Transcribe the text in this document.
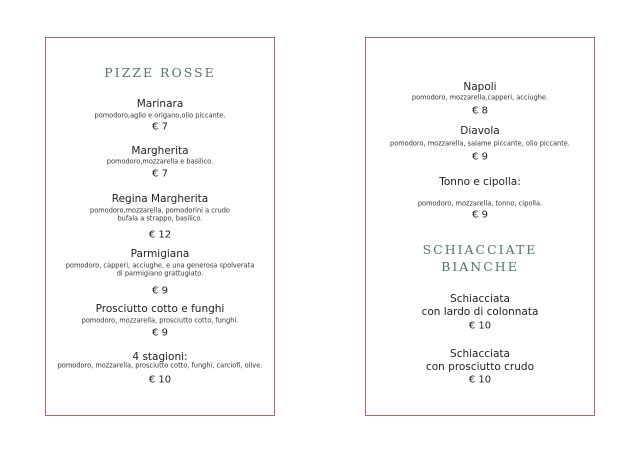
PIZZE ROSSE
Marinara
pomodoro,aglio e origano,olio piccante.
€ 7
Margherita
pomodoro,mozzarella e basilico.
€ 7
Regina Margherita
pomodoro,mozzarella, pomodorini a crudo
bufala a strappo, basilico.
€ 12
Parmigiana
pomodoro, capperi, acciughe, e una generosa spolverata
di parmigiano grattugiato.
€ 9
Prosciutto cotto e funghi
pomodoro, mozzarella, prosciutto cotto, funghi.
€ 9
4 stagioni:
pomodoro, mozzarella, prosciutto cotto, funghi, carciofi, olive.
€ 10
Napoli
pomodoro, mozzarella,capperi, acciughe.
€ 8
Diavola
pomodoro, mozzarella, salame piccante, olio piccante.
€ 9
Tonno e cipolla:
pomodoro, mozzarella, tonno, cipolla.
€ 9
SCHIACCIATE
BIANCHE
Schiacciata
con lardo di colonnata
€ 10
Schiacciata
con prosciutto crudo
€ 10
